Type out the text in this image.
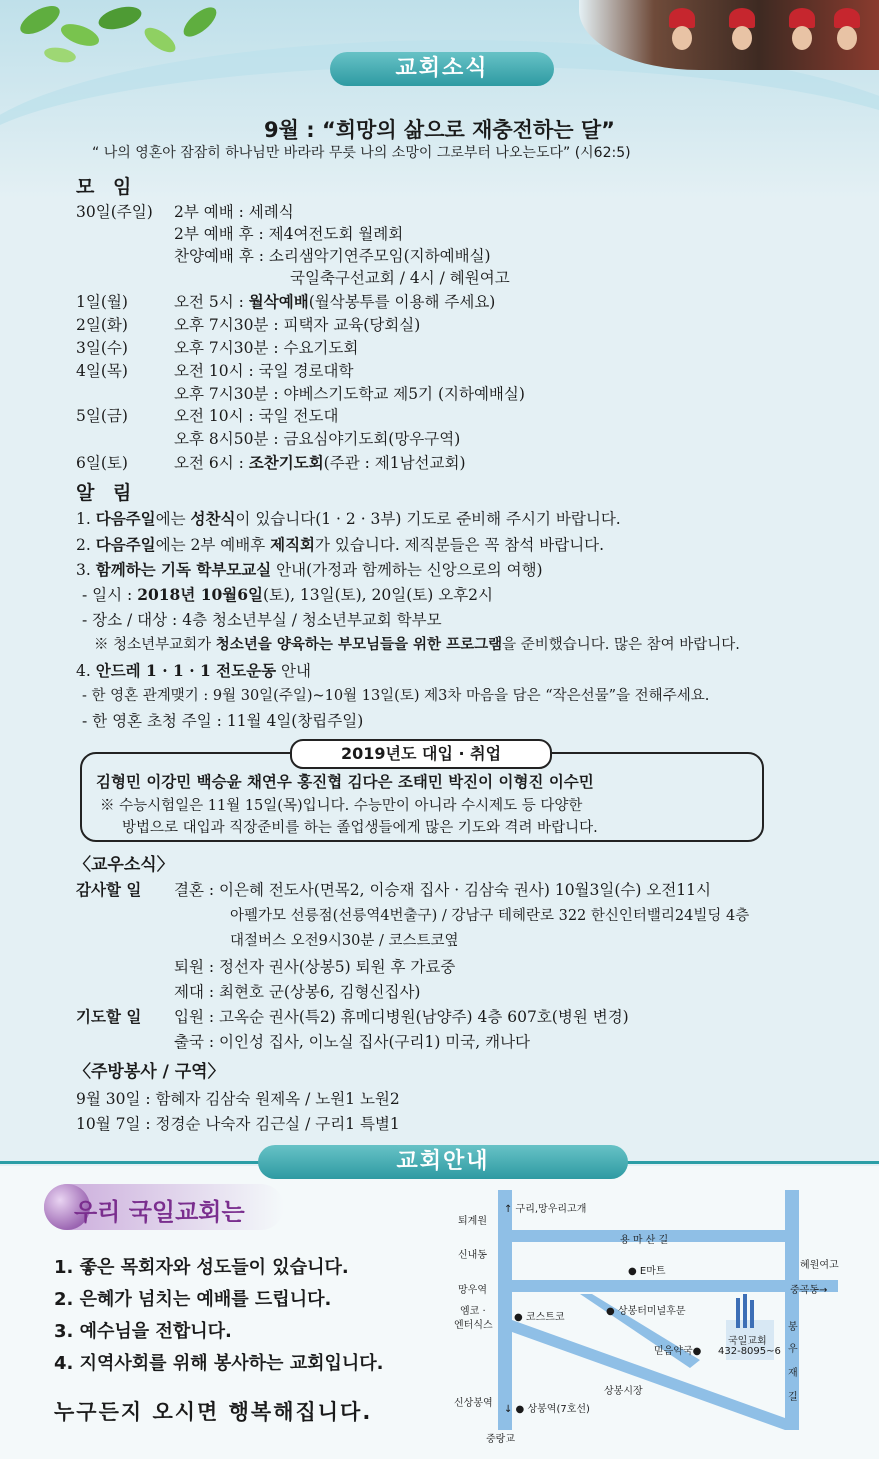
교회소식
9월 : “희망의 삶으로 재충전하는 달”
“ 나의 영혼아 잠잠히 하나님만 바라라 무릇 나의 소망이 그로부터 나오는도다” (시62:5)
모 임
30일(주일) 2부 예배 : 세례식
2부 예배 후 : 제4여전도회 월례회
찬양예배 후 : 소리샘악기연주모임(지하예배실)
국일축구선교회 / 4시 / 혜원여고
1일(월)	오전 5시 : 월삭예배(월삭봉투를 이용해 주세요)
2일(화)	오후 7시30분 : 피택자 교육(당회실)
3일(수)	오후 7시30분 : 수요기도회
4일(목)	오전 10시 : 국일 경로대학
오후 7시30분 : 야베스기도학교 제5기 (지하예배실)
5일(금)	오전 10시 : 국일 전도대
오후 8시50분 : 금요심야기도회(망우구역)
6일(토)	오전 6시 : 조찬기도회(주관 : 제1남선교회)
알 림
1. 다음주일에는 성찬식이 있습니다(1 · 2 · 3부) 기도로 준비해 주시기 바랍니다.
2. 다음주일에는 2부 예배후 제직회가 있습니다. 제직분들은 꼭 참석 바랍니다.
3. 함께하는 기독 학부모교실 안내(가정과 함께하는 신앙으로의 여행)
- 일시 : 2018년 10월6일(토), 13일(토), 20일(토) 오후2시
- 장소 / 대상 : 4층 청소년부실 / 청소년부교회 학부모
※ 청소년부교회가 청소년을 양육하는 부모님들을 위한 프로그램을 준비했습니다. 많은 참여 바랍니다.
4. 안드레 1 · 1 · 1 전도운동 안내
- 한 영혼 관계맺기 : 9월 30일(주일)~10월 13일(토) 제3차 마음을 담은 “작은선물”을 전해주세요.
- 한 영혼 초청 주일 : 11월 4일(창립주일)
2019년도 대입 · 취업
김형민 이강민 백승윤 채연우 홍진협 김다은 조태민 박진이 이형진 이수민
※ 수능시험일은 11월 15일(목)입니다. 수능만이 아니라 수시제도 등 다양한
방법으로 대입과 직장준비를 하는 졸업생들에게 많은 기도와 격려 바랍니다.
〈교우소식〉
감사할 일 결혼 : 이은혜 전도사(면목2, 이승재 집사 · 김삼숙 권사) 10월3일(수) 오전11시
아펠가모 선릉점(선릉역4번출구) / 강남구 테헤란로 322 한신인터밸리24빌딩 4층
대절버스 오전9시30분 / 코스트코옆
퇴원 : 정선자 권사(상봉5) 퇴원 후 가료중
제대 : 최현호 군(상봉6, 김형신집사)
기도할 일 입원 : 고옥순 권사(특2) 휴메디병원(남양주) 4층 607호(병원 변경)
출국 : 이인성 집사, 이노실 집사(구리1) 미국, 캐나다
〈주방봉사 / 구역〉
9월 30일 : 함혜자 김삼숙 원제옥 / 노원1 노원2
10월 7일 : 정경순 나숙자 김근실 / 구리1 특별1
교회안내
우리 국일교회는
1. 좋은 목회자와 성도들이 있습니다.
2. 은혜가 넘치는 예배를 드립니다.
3. 예수님을 전합니다.
4. 지역사회를 위해 봉사하는 교회입니다.
누구든지 오시면 행복해집니다.
↑ 구리,망우리고개
퇴계원
용 마 산 길
신내동
● E마트
혜원여고
망우역	중곡동→
엠코 ·
엔터식스
● 코스트코
● 상봉터미널후문
국일교회
432-8095~6
믿음약국●
봉
우
재
길
상봉시장
신상봉역
↓ ● 상봉역(7호선)
중랑교
